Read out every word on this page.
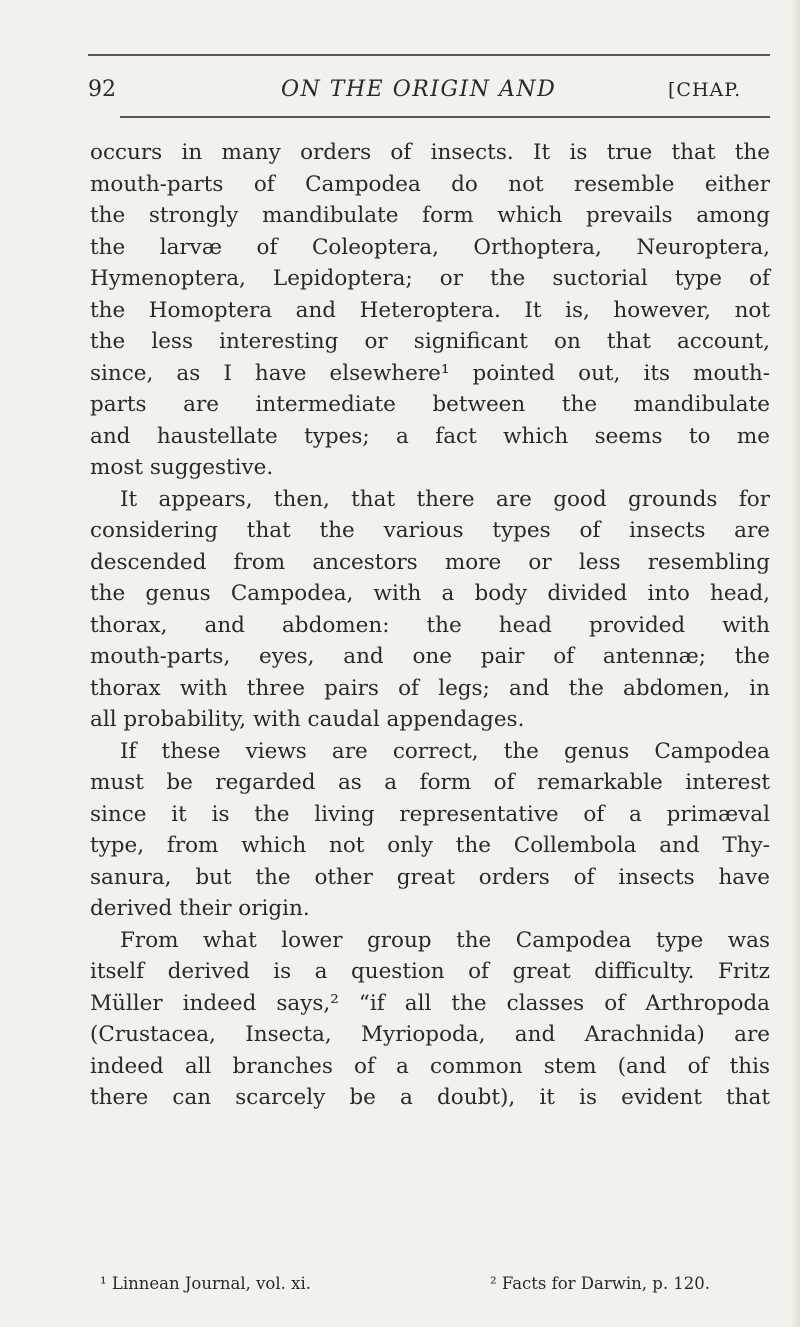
92	ON THE ORIGIN AND	[CHAP.
occurs in many orders of insects. It is true that the
mouth-parts of Campodea do not resemble either
the strongly mandibulate form which prevails among
the larvæ of Coleoptera, Orthoptera, Neuroptera,
Hymenoptera, Lepidoptera; or the suctorial type of
the Homoptera and Heteroptera. It is, however, not
the less interesting or significant on that account,
since, as I have elsewhere¹ pointed out, its mouth-
parts are intermediate between the mandibulate
and haustellate types; a fact which seems to me
most suggestive.
It appears, then, that there are good grounds for
considering that the various types of insects are
descended from ancestors more or less resembling
the genus Campodea, with a body divided into head,
thorax, and abdomen: the head provided with
mouth-parts, eyes, and one pair of antennæ; the
thorax with three pairs of legs; and the abdomen, in
all probability, with caudal appendages.
If these views are correct, the genus Campodea
must be regarded as a form of remarkable interest
since it is the living representative of a primæval
type, from which not only the Collembola and Thy-
sanura, but the other great orders of insects have
derived their origin.
From what lower group the Campodea type was
itself derived is a question of great difficulty. Fritz
Müller indeed says,² “if all the classes of Arthropoda
(Crustacea, Insecta, Myriopoda, and Arachnida) are
indeed all branches of a common stem (and of this
there can scarcely be a doubt), it is evident that
¹ Linnean Journal, vol. xi.	² Facts for Darwin, p. 120.
